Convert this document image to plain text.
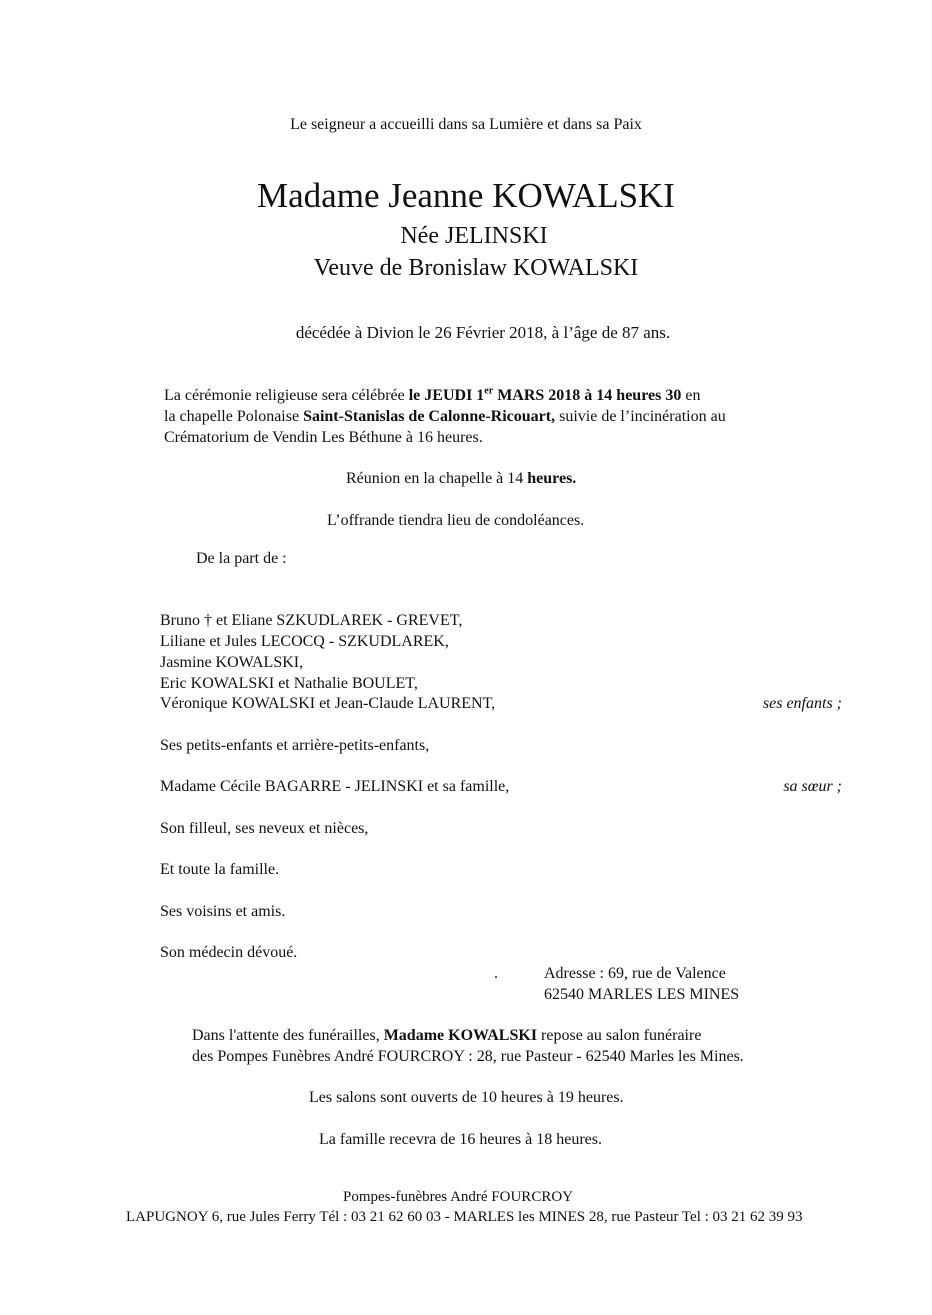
Le seigneur a accueilli dans sa Lumière et dans sa Paix
Madame Jeanne KOWALSKI
Née JELINSKI
Veuve de Bronislaw KOWALSKI
décédée à Divion le 26 Février 2018, à l’âge de 87 ans.
La cérémonie religieuse sera célébrée le JEUDI 1er MARS 2018 à 14 heures 30 en
la chapelle Polonaise Saint-Stanislas de Calonne-Ricouart, suivie de l’incinération au
Crématorium de Vendin Les Béthune à 16 heures.
Réunion en la chapelle à 14 heures.
L’offrande tiendra lieu de condoléances.
De la part de :
Bruno † et Eliane SZKUDLAREK - GREVET,
Liliane et Jules LECOCQ - SZKUDLAREK,
Jasmine KOWALSKI,
Eric KOWALSKI et Nathalie BOULET,
Véronique KOWALSKI et Jean-Claude LAURENT,	ses enfants ;
Ses petits-enfants et arrière-petits-enfants,
Madame Cécile BAGARRE - JELINSKI et sa famille,	sa sœur ;
Son filleul, ses neveux et nièces,
Et toute la famille.
Ses voisins et amis.
Son médecin dévoué.
.	Adresse : 69, rue de Valence
62540 MARLES LES MINES
Dans l'attente des funérailles, Madame KOWALSKI repose au salon funéraire
des Pompes Funèbres André FOURCROY : 28, rue Pasteur - 62540 Marles les Mines.
Les salons sont ouverts de 10 heures à 19 heures.
La famille recevra de 16 heures à 18 heures.
Pompes-funèbres André FOURCROY
LAPUGNOY 6, rue Jules Ferry Tél : 03 21 62 60 03 - MARLES les MINES 28, rue Pasteur Tel : 03 21 62 39 93
